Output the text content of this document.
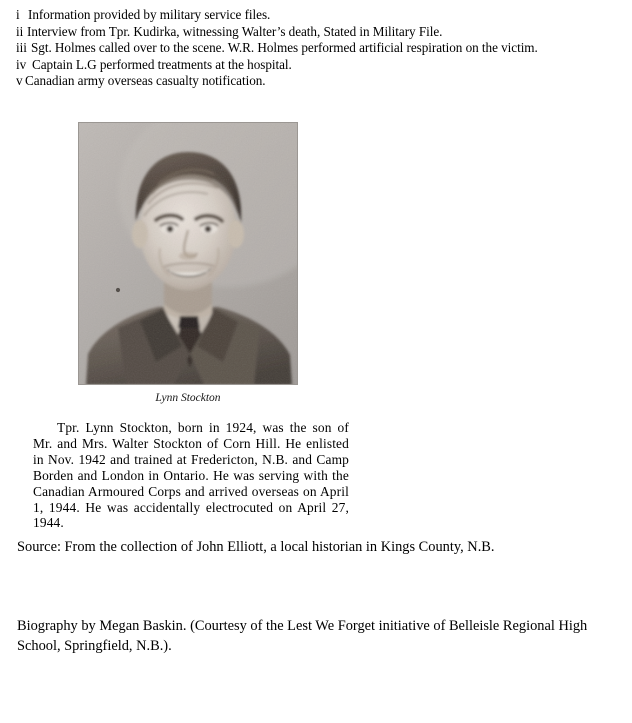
iInformation provided by military service files.
iiInterview from Tpr. Kudirka, witnessing Walter’s death, Stated in Military File.
iiiSgt. Holmes called over to the scene. W.R. Holmes performed artificial respiration on the victim.
ivCaptain L.G performed treatments at the hospital.
vCanadian army overseas casualty notification.
Lynn Stockton
Tpr. Lynn Stockton, born in 1924, was the son of Mr. and Mrs. Walter Stockton of Corn Hill. He enlisted in Nov. 1942 and trained at Fredericton, N.B. and Camp Borden and London in Ontario. He was serving with the Canadian Armoured Corps and arrived overseas on April 1, 1944. He was accidentally electrocuted on April 27, 1944.
Source: From the collection of John Elliott, a local historian in Kings County, N.B.
Biography by Megan Baskin. (Courtesy of the Lest We Forget initiative of Belleisle Regional High
School, Springfield, N.B.).
